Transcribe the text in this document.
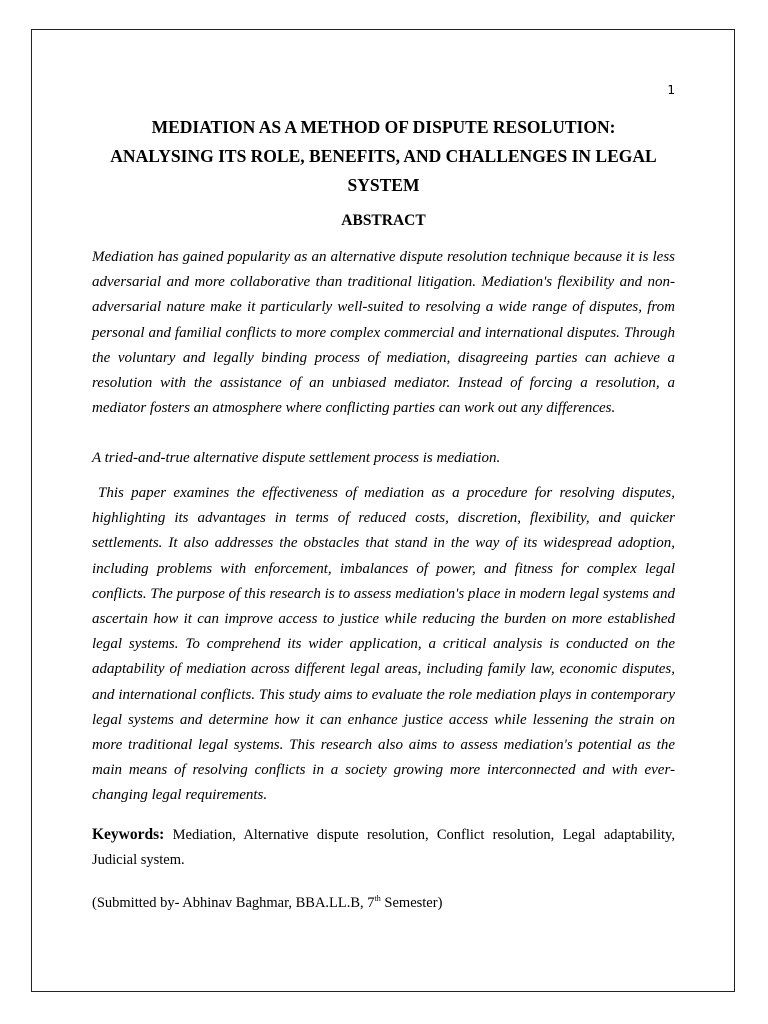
1
MEDIATION AS A METHOD OF DISPUTE RESOLUTION:
ANALYSING ITS ROLE, BENEFITS, AND CHALLENGES IN LEGAL
SYSTEM
ABSTRACT

Mediation has gained popularity as an alternative dispute resolution technique because it is less adversarial and more collaborative than traditional litigation. Mediation's flexibility and non-adversarial nature make it particularly well-suited to resolving a wide range of disputes, from personal and familial conflicts to more complex commercial and international disputes. Through the voluntary and legally binding process of mediation, disagreeing parties can achieve a resolution with the assistance of an unbiased mediator. Instead of forcing a resolution, a mediator fosters an atmosphere where conflicting parties can work out any differences.

A tried-and-true alternative dispute settlement process is mediation.

This paper examines the effectiveness of mediation as a procedure for resolving disputes, highlighting its advantages in terms of reduced costs, discretion, flexibility, and quicker settlements. It also addresses the obstacles that stand in the way of its widespread adoption, including problems with enforcement, imbalances of power, and fitness for complex legal conflicts. The purpose of this research is to assess mediation's place in modern legal systems and ascertain how it can improve access to justice while reducing the burden on more established legal systems. To comprehend its wider application, a critical analysis is conducted on the adaptability of mediation across different legal areas, including family law, economic disputes, and international conflicts. This study aims to evaluate the role mediation plays in contemporary legal systems and determine how it can enhance justice access while lessening the strain on more traditional legal systems. This research also aims to assess mediation's potential as the main means of resolving conflicts in a society growing more interconnected and with ever-changing legal requirements.

Keywords: Mediation, Alternative dispute resolution, Conflict resolution, Legal adaptability, Judicial system.

(Submitted by- Abhinav Baghmar, BBA.LL.B, 7th Semester)
